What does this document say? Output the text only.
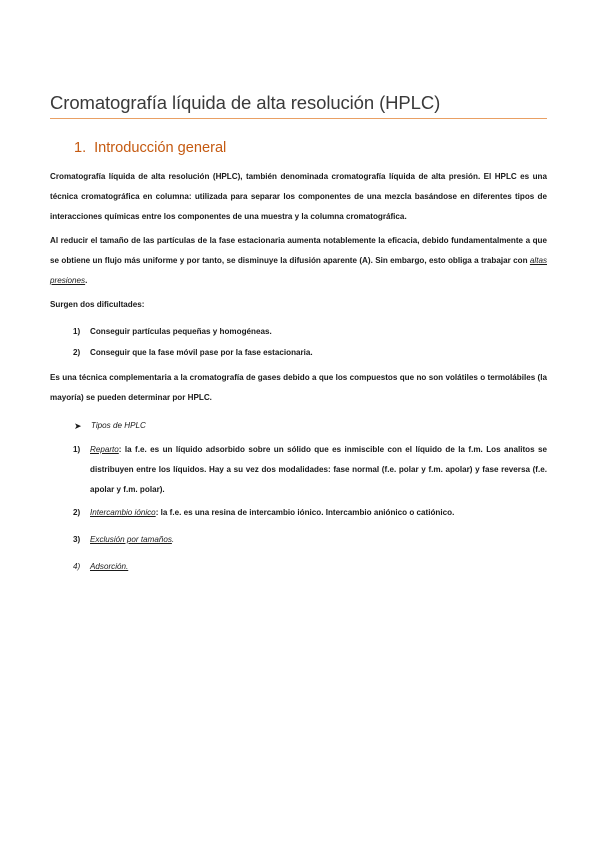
Cromatografía líquida de alta resolución (HPLC)
1. Introducción general
Cromatografía líquida de alta resolución (HPLC), también denominada cromatografía líquida de alta presión. El HPLC es una técnica cromatográfica en columna: utilizada para separar los componentes de una mezcla basándose en diferentes tipos de interacciones químicas entre los componentes de una muestra y la columna cromatográfica.
Al reducir el tamaño de las partículas de la fase estacionaria aumenta notablemente la eficacia, debido fundamentalmente a que se obtiene un flujo más uniforme y por tanto, se disminuye la difusión aparente (A). Sin embargo, esto obliga a trabajar con altas presiones.
Surgen dos dificultades:
1)	Conseguir partículas pequeñas y homogéneas.
2)	Conseguir que la fase móvil pase por la fase estacionaria.
Es una técnica complementaria a la cromatografía de gases debido a que los compuestos que no son volátiles o termolábiles (la mayoría) se pueden determinar por HPLC.
➤ Tipos de HPLC
1) Reparto: la f.e. es un líquido adsorbido sobre un sólido que es inmiscible con el líquido de la f.m. Los analitos se distribuyen entre los líquidos. Hay a su vez dos modalidades: fase normal (f.e. polar y f.m. apolar) y fase reversa (f.e. apolar y f.m. polar).
2) Intercambio iónico: la f.e. es una resina de intercambio iónico. Intercambio aniónico o catiónico.
3) Exclusión por tamaños.
4) Adsorción.
